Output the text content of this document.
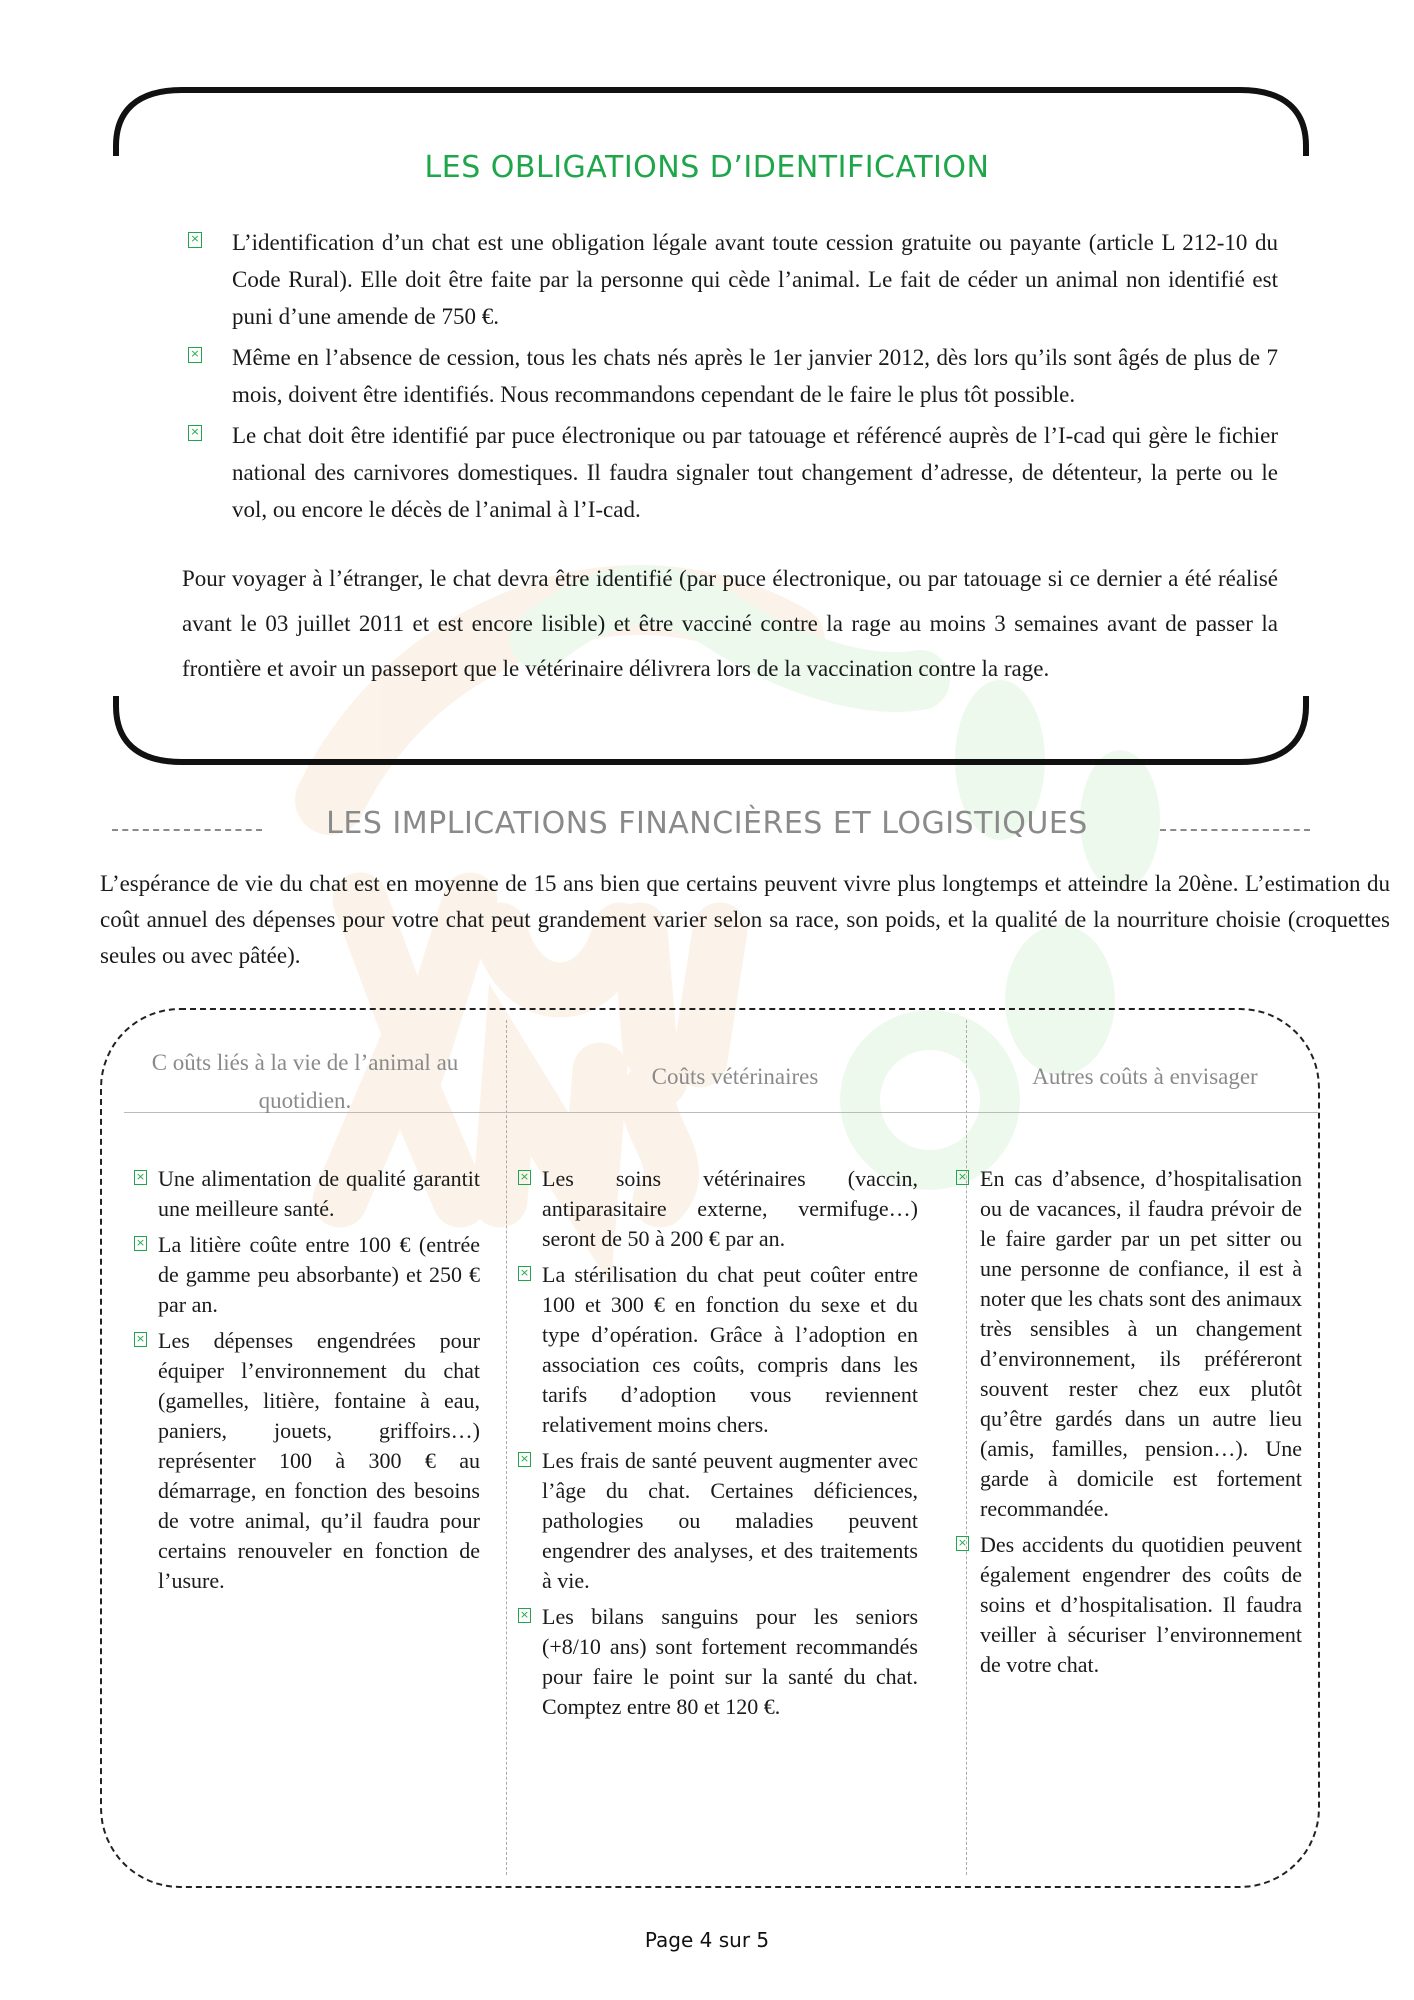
LES OBLIGATIONS D’IDENTIFICATION
× L’identification d’un chat est une obligation légale avant toute cession gratuite ou payante (article L 212-10 du Code Rural). Elle doit être faite par la personne qui cède l’animal. Le fait de céder un animal non identifié est puni d’une amende de 750 €.
× Même en l’absence de cession, tous les chats nés après le 1er janvier 2012, dès lors qu’ils sont âgés de plus de 7 mois, doivent être identifiés. Nous recommandons cependant de le faire le plus tôt possible.
× Le chat doit être identifié par puce électronique ou par tatouage et référencé auprès de l’I-cad qui gère le fichier national des carnivores domestiques. Il faudra signaler tout changement d’adresse, de détenteur, la perte ou le vol, ou encore le décès de l’animal à l’I-cad.
Pour voyager à l’étranger, le chat devra être identifié (par puce électronique, ou par tatouage si ce dernier a été réalisé avant le 03 juillet 2011 et est encore lisible) et être vacciné contre la rage au moins 3 semaines avant de passer la frontière et avoir un passeport que le vétérinaire délivrera lors de la vaccination contre la rage.
LES IMPLICATIONS FINANCIÈRES ET LOGISTIQUES
L’espérance de vie du chat est en moyenne de 15 ans bien que certains peuvent vivre plus longtemps et atteindre la 20ène. L’estimation du coût annuel des dépenses pour votre chat peut grandement varier selon sa race, son poids, et la qualité de la nourriture choisie (croquettes seules ou avec pâtée).
C oûts liés à la vie de l’animal au quotidien.
Coûts vétérinaires	Autres coûts à envisager
× Une alimentation de qualité garantit une meilleure santé.
× La litière coûte entre 100 € (entrée de gamme peu absorbante) et 250 € par an.
× Les dépenses engendrées pour équiper l’environnement du chat (gamelles, litière, fontaine à eau, paniers, jouets, griffoirs…) représenter 100 à 300 € au démarrage, en fonction des besoins de votre animal, qu’il faudra pour certains renouveler en fonction de l’usure.
× Les soins vétérinaires (vaccin, antiparasitaire externe, vermifuge…) seront de 50 à 200 € par an.
× La stérilisation du chat peut coûter entre 100 et 300 € en fonction du sexe et du type d’opération. Grâce à l’adoption en association ces coûts, compris dans les tarifs d’adoption vous reviennent relativement moins chers.
× Les frais de santé peuvent augmenter avec l’âge du chat. Certaines déficiences, pathologies ou maladies peuvent engendrer des analyses, et des traitements à vie.
× Les bilans sanguins pour les seniors (+8/10 ans) sont fortement recommandés pour faire le point sur la santé du chat. Comptez entre 80 et 120 €.
× En cas d’absence, d’hospitalisation ou de vacances, il faudra prévoir de le faire garder par un pet sitter ou une personne de confiance, il est à noter que les chats sont des animaux très sensibles à un changement d’environnement, ils préféreront souvent rester chez eux plutôt qu’être gardés dans un autre lieu (amis, familles, pension…). Une garde à domicile est fortement recommandée.
× Des accidents du quotidien peuvent également engendrer des coûts de soins et d’hospitalisation. Il faudra veiller à sécuriser l’environnement de votre chat.
Page 4 sur 5
